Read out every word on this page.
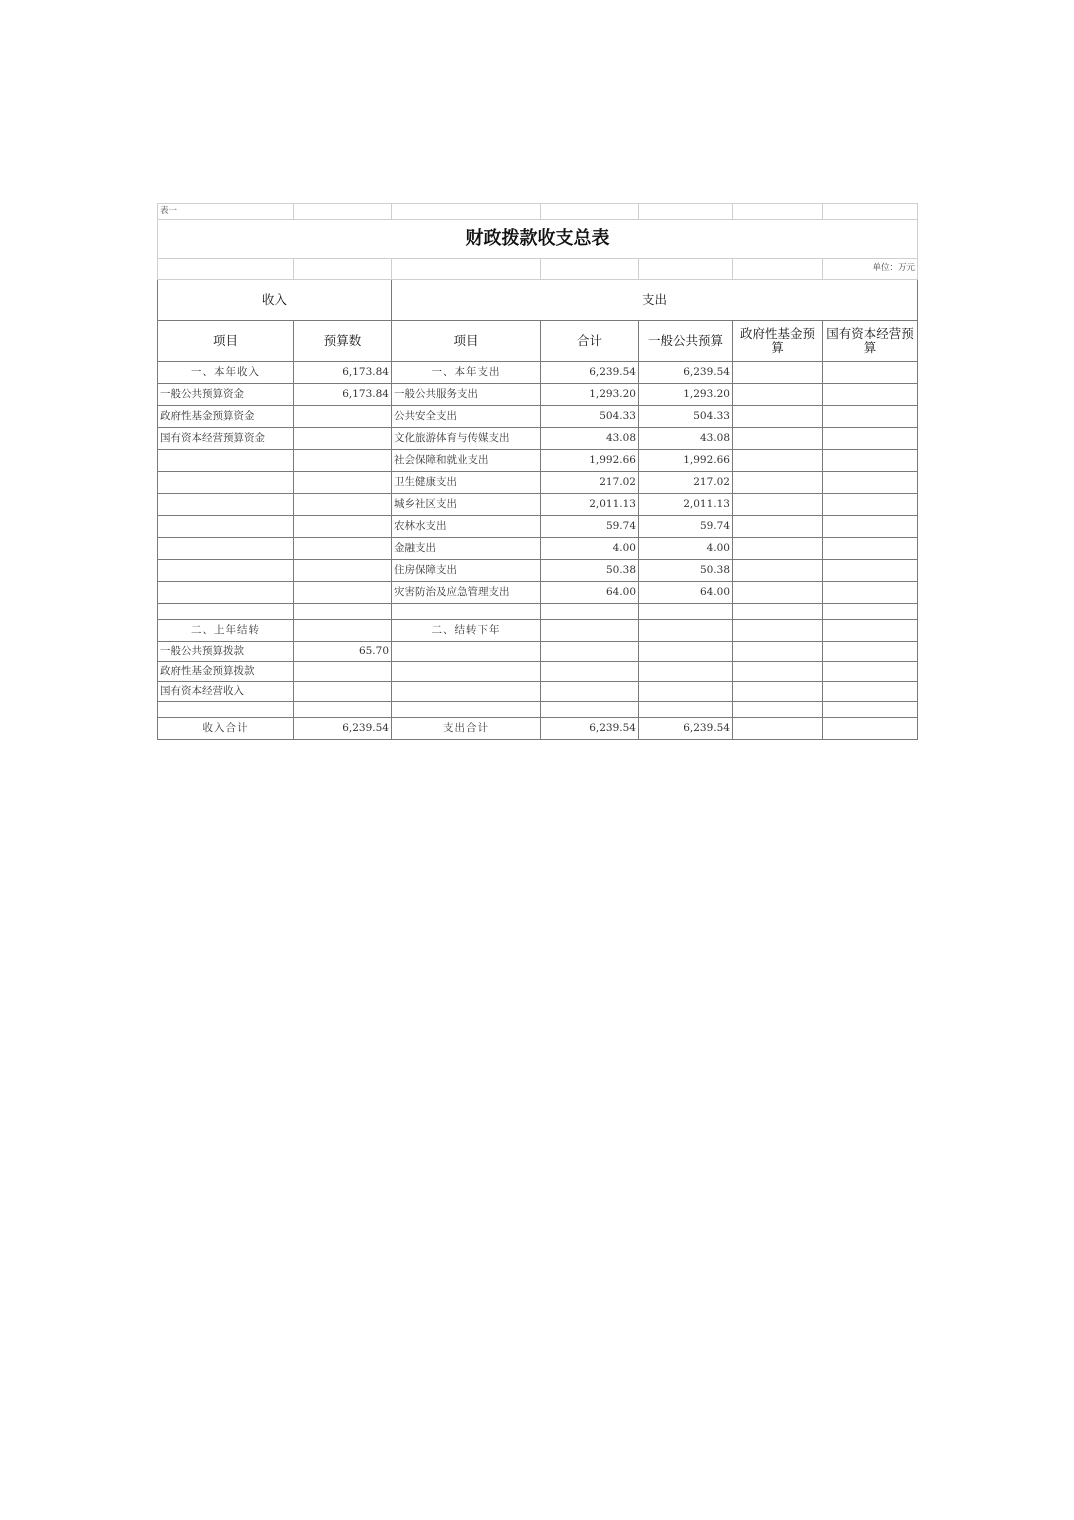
表一						
财政拨款收支总表						
						单位：万元
收入		支出				
项目	预算数	项目	合计	一般公共预算	政府性基金预算	国有资本经营预算
一、本年收入	6,173.84	一、本年支出	6,239.54	6,239.54		
一般公共预算资金	6,173.84	一般公共服务支出	1,293.20	1,293.20		
政府性基金预算资金		公共安全支出	504.33	504.33		
国有资本经营预算资金		文化旅游体育与传媒支出	43.08	43.08		
		社会保障和就业支出	1,992.66	1,992.66		
		卫生健康支出	217.02	217.02		
		城乡社区支出	2,011.13	2,011.13		
		农林水支出	59.74	59.74		
		金融支出	4.00	4.00		
		住房保障支出	50.38	50.38		
		灾害防治及应急管理支出	64.00	64.00		

二、上年结转		二、结转下年				
一般公共预算拨款	65.70					
政府性基金预算拨款						
国有资本经营收入						

收入合计	6,239.54	支出合计	6,239.54	6,239.54		
